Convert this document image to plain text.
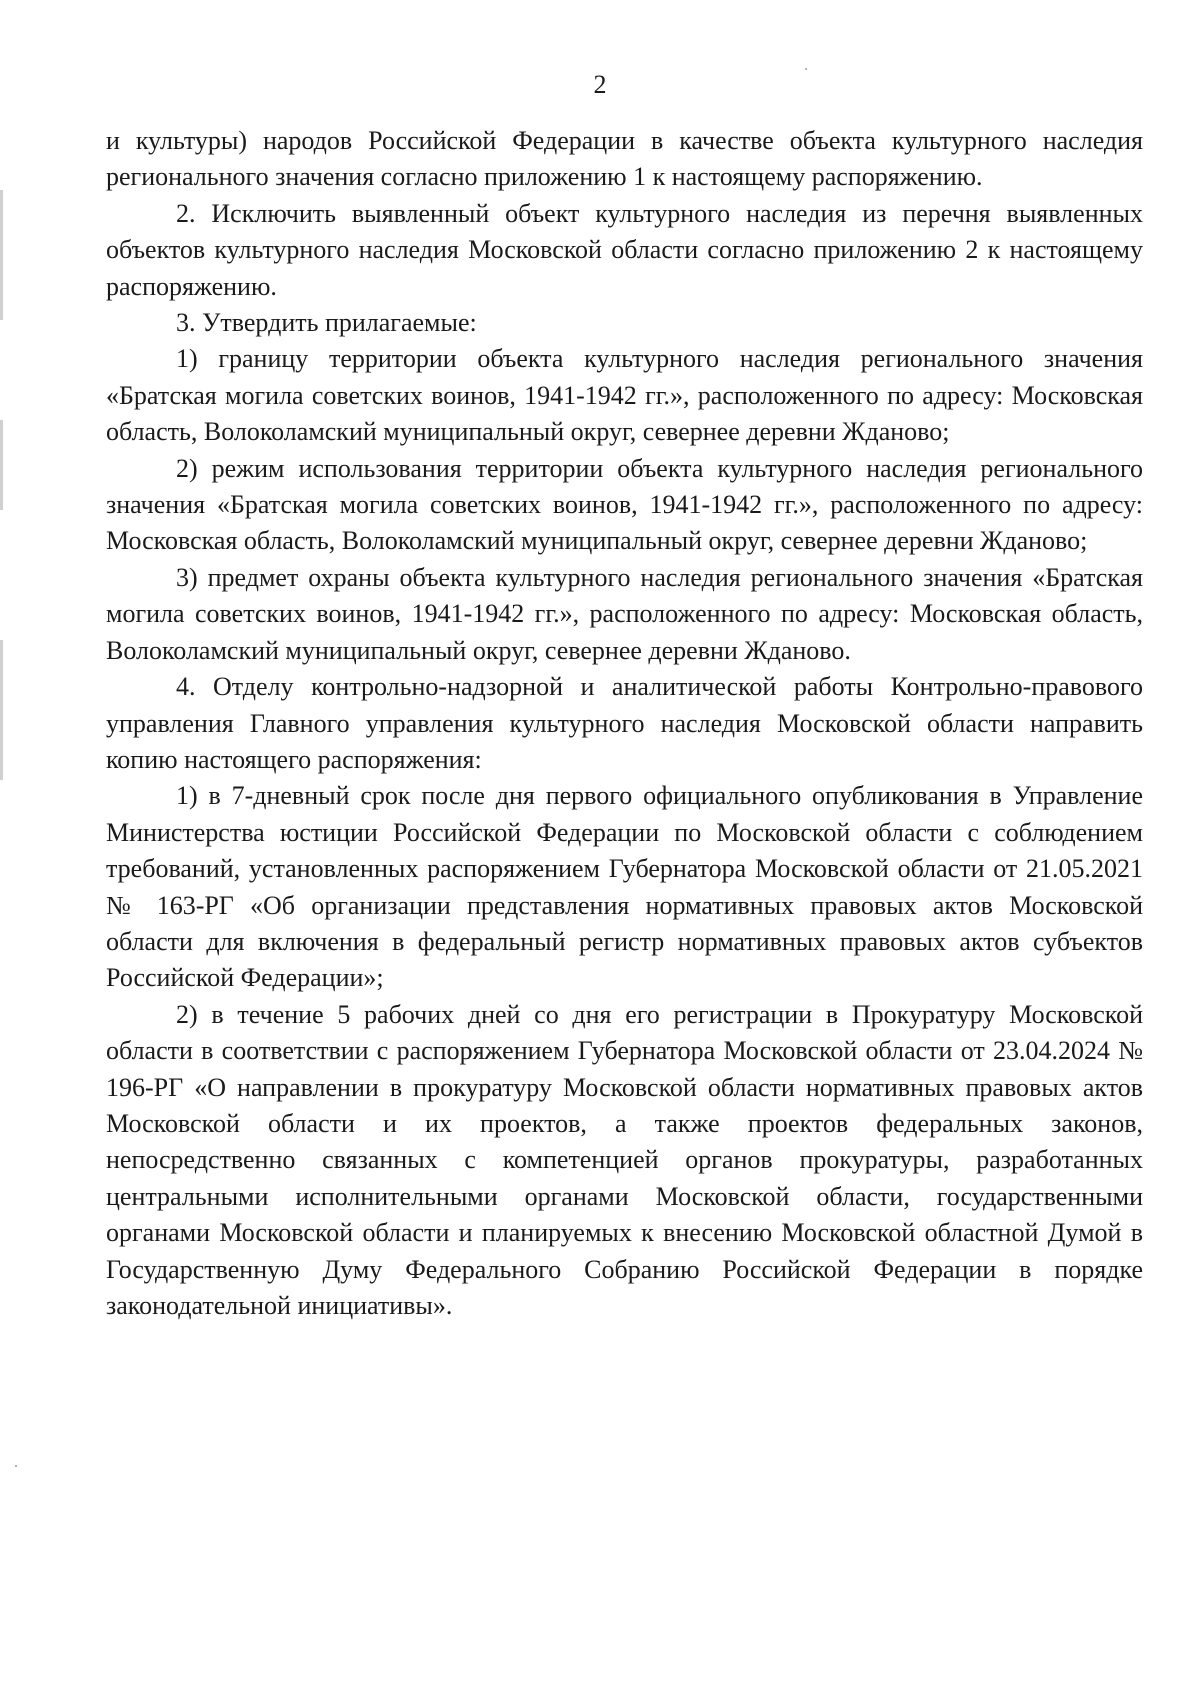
2

и культуры) народов Российской Федерации в качестве объекта культурного наследия регионального значения согласно приложению 1 к настоящему распоряжению.

2. Исключить выявленный объект культурного наследия из перечня выявленных объектов культурного наследия Московской области согласно приложению 2 к настоящему распоряжению.

3. Утвердить прилагаемые:

1) границу территории объекта культурного наследия регионального значения «Братская могила советских воинов, 1941-1942 гг.», расположенного по адресу: Московская область, Волоколамский муниципальный округ, севернее деревни Жданово;

2) режим использования территории объекта культурного наследия регионального значения «Братская могила советских воинов, 1941-1942 гг.», расположенного по адресу: Московская область, Волоколамский муниципальный округ, севернее деревни Жданово;

3) предмет охраны объекта культурного наследия регионального значения «Братская могила советских воинов, 1941-1942 гг.», расположенного по адресу: Московская область, Волоколамский муниципальный округ, севернее деревни Жданово.

4. Отделу контрольно-надзорной и аналитической работы Контрольно-правового управления Главного управления культурного наследия Московской области направить копию настоящего распоряжения:

1) в 7-дневный срок после дня первого официального опубликования в Управление Министерства юстиции Российской Федерации по Московской области с соблюдением требований, установленных распоряжением Губернатора Московской области от 21.05.2021 № 163-РГ «Об организации представления нормативных правовых актов Московской области для включения в федеральный регистр нормативных правовых актов субъектов Российской Федерации»;

2) в течение 5 рабочих дней со дня его регистрации в Прокуратуру Московской области в соответствии с распоряжением Губернатора Московской области от 23.04.2024 № 196-РГ «О направлении в прокуратуру Московской области нормативных правовых актов Московской области и их проектов, а также проектов федеральных законов, непосредственно связанных с компетенцией органов прокуратуры, разработанных центральными исполнительными органами Московской области, государственными органами Московской области и планируемых к внесению Московской областной Думой в Государственную Думу Федерального Собранию Российской Федерации в порядке законодательной инициативы».
